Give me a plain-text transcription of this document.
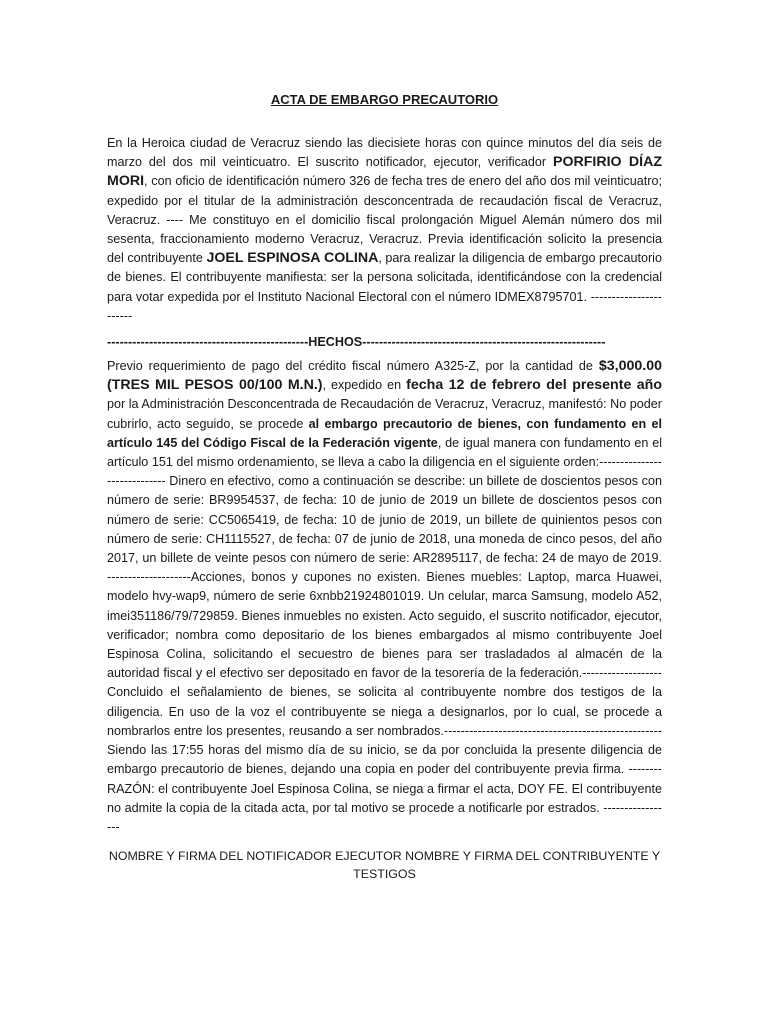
ACTA DE EMBARGO PRECAUTORIO

En la Heroica ciudad de Veracruz siendo las diecisiete horas con quince minutos del día seis de marzo del dos mil veinticuatro. El suscrito notificador, ejecutor, verificador PORFIRIO DÍAZ MORI, con oficio de identificación número 326 de fecha tres de enero del año dos mil veinticuatro; expedido por el titular de la administración desconcentrada de recaudación fiscal de Veracruz, Veracruz. ---- Me constituyo en el domicilio fiscal prolongación Miguel Alemán número dos mil sesenta, fraccionamiento moderno Veracruz, Veracruz. Previa identificación solicito la presencia del contribuyente JOEL ESPINOSA COLINA, para realizar la diligencia de embargo precautorio de bienes. El contribuyente manifiesta: ser la persona solicitada, identificándose con la credencial para votar expedida por el Instituto Nacional Electoral con el número IDMEX8795701. -----------------------

------------------------------------------------HECHOS----------------------------------------------------------

Previo requerimiento de pago del crédito fiscal número A325-Z, por la cantidad de $3,000.00 (TRES MIL PESOS 00/100 M.N.), expedido en fecha 12 de febrero del presente año por la Administración Desconcentrada de Recaudación de Veracruz, Veracruz, manifestó: No poder cubrirlo, acto seguido, se procede al embargo precautorio de bienes, con fundamento en el artículo 145 del Código Fiscal de la Federación vigente, de igual manera con fundamento en el artículo 151 del mismo ordenamiento, se lleva a cabo la diligencia en el siguiente orden:----------------------------- Dinero en efectivo, como a continuación se describe: un billete de doscientos pesos con número de serie: BR9954537, de fecha: 10 de junio de 2019 un billete de doscientos pesos con número de serie: CC5065419, de fecha: 10 de junio de 2019, un billete de quinientos pesos con número de serie: CH1115527, de fecha: 07 de junio de 2018, una moneda de cinco pesos, del año 2017, un billete de veinte pesos con número de serie: AR2895117, de fecha: 24 de mayo de 2019. --------------------Acciones, bonos y cupones no existen. Bienes muebles: Laptop, marca Huawei, modelo hvy-wap9, número de serie 6xnbb21924801019. Un celular, marca Samsung, modelo A52, imei351186/79/729859. Bienes inmuebles no existen. Acto seguido, el suscrito notificador, ejecutor, verificador; nombra como depositario de los bienes embargados al mismo contribuyente Joel Espinosa Colina, solicitando el secuestro de bienes para ser trasladados al almacén de la autoridad fiscal y el efectivo ser depositado en favor de la tesorería de la federación.-------------------Concluido el señalamiento de bienes, se solicita al contribuyente nombre dos testigos de la diligencia. En uso de la voz el contribuyente se niega a designarlos, por lo cual, se procede a nombrarlos entre los presentes, reusando a ser nombrados.----------------------------------------------------Siendo las 17:55 horas del mismo día de su inicio, se da por concluida la presente diligencia de embargo precautorio de bienes, dejando una copia en poder del contribuyente previa firma. --------RAZÓN: el contribuyente Joel Espinosa Colina, se niega a firmar el acta, DOY FE. El contribuyente no admite la copia de la citada acta, por tal motivo se procede a notificarle por estrados. -----------------

NOMBRE Y FIRMA DEL NOTIFICADOR EJECUTOR NOMBRE Y FIRMA DEL CONTRIBUYENTE Y TESTIGOS
